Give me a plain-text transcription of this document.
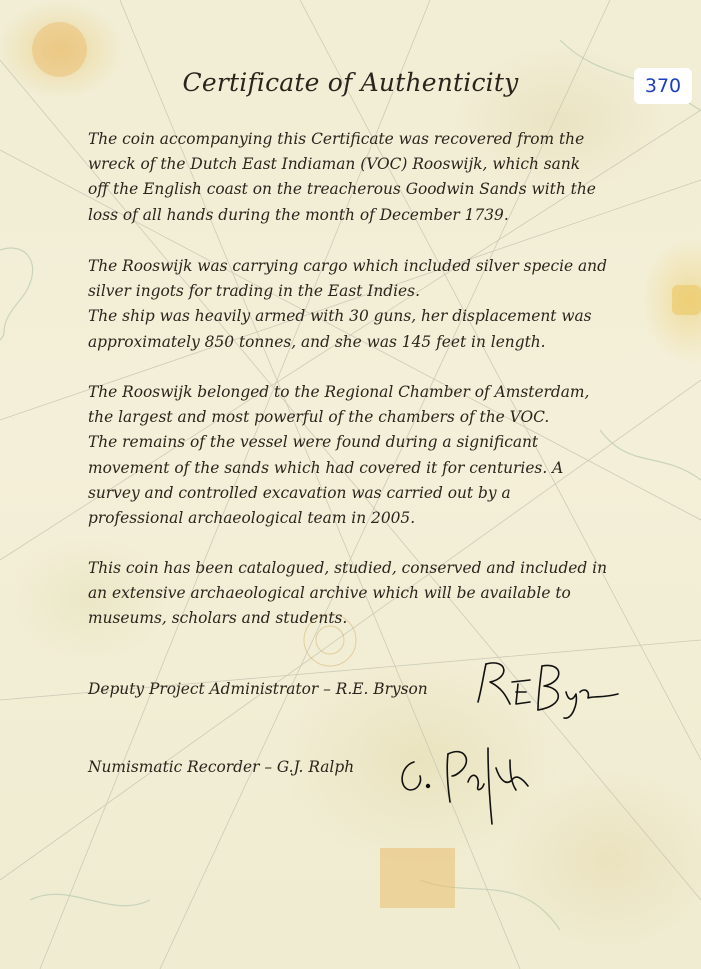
370
Certificate of Authenticity

The coin accompanying this Certificate was recovered from the
wreck of the Dutch East Indiaman (VOC) Rooswijk, which sank
off the English coast on the treacherous Goodwin Sands with the
loss of all hands during the month of December 1739.

The Rooswijk was carrying cargo which included silver specie and
silver ingots for trading in the East Indies.
The ship was heavily armed with 30 guns, her displacement was
approximately 850 tonnes, and she was 145 feet in length.

The Rooswijk belonged to the Regional Chamber of Amsterdam,
the largest and most powerful of the chambers of the VOC.
The remains of the vessel were found during a significant
movement of the sands which had covered it for centuries. A
survey and controlled excavation was carried out by a
professional archaeological team in 2005.

This coin has been catalogued, studied, conserved and included in
an extensive archaeological archive which will be available to
museums, scholars and students.

Deputy Project Administrator – R.E. Bryson

Numismatic Recorder – G.J. Ralph
